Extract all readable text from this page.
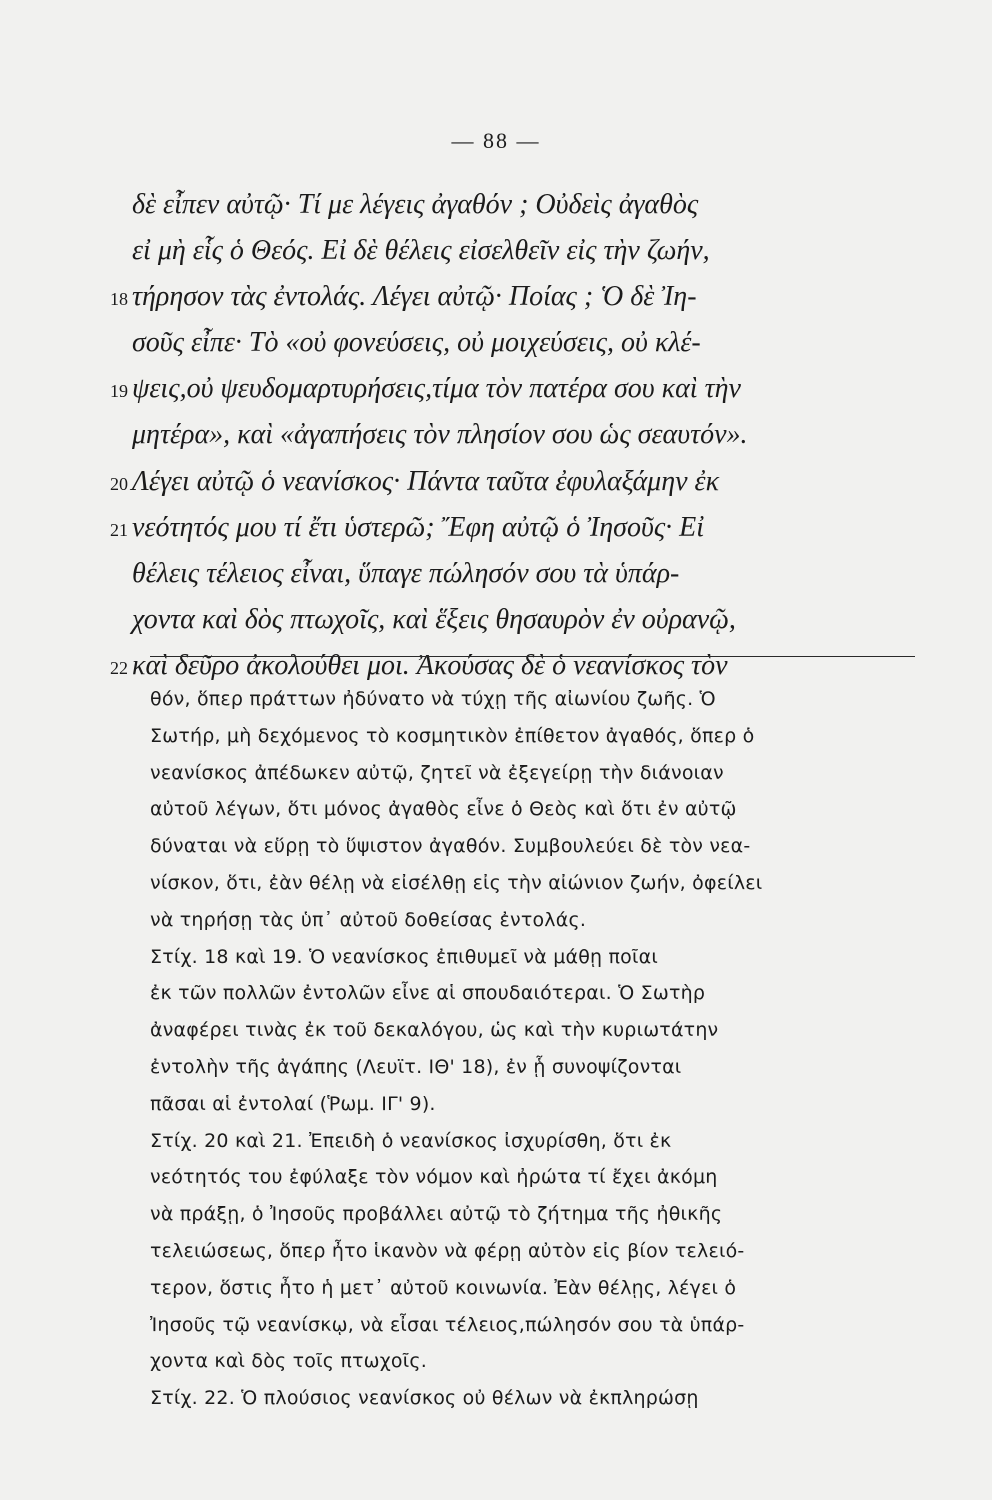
— 88 —
δὲ εἶπεν αὐτῷ· Τί με λέγεις ἀγαθόν ; Οὐδεὶς ἀγαθὸς
εἰ μὴ εἷς ὁ Θεός. Εἰ δὲ θέλεις εἰσελθεῖν εἰς τὴν ζωήν,
18 τήρησον τὰς ἐντολάς. Λέγει αὐτῷ· Ποίας ; Ὁ δὲ Ἰη-
σοῦς εἶπε· Τὸ «οὐ φονεύσεις, οὐ μοιχεύσεις, οὐ κλέ-
19 ψεις,οὐ ψευδομαρτυρήσεις,τίμα τὸν πατέρα σου καὶ τὴν
μητέρα», καὶ «ἀγαπήσεις τὸν πλησίον σου ὡς σεαυτόν».
20 Λέγει αὐτῷ ὁ νεανίσκος· Πάντα ταῦτα ἐφυλαξάμην ἐκ
21 νεότητός μου τί ἔτι ὑστερῶ; Ἔφη αὐτῷ ὁ Ἰησοῦς· Εἰ
θέλεις τέλειος εἶναι, ὕπαγε πώλησόν σου τὰ ὑπάρ-
χοντα καὶ δὸς πτωχοῖς, καὶ ἕξεις θησαυρὸν ἐν οὐρανῷ,
22 καὶ δεῦρο ἀκολούθει μοι. Ἀκούσας δὲ ὁ νεανίσκος τὸν
θόν, ὅπερ πράττων ἠδύνατο νὰ τύχῃ τῆς αἰωνίου ζωῆς. Ὁ
Σωτήρ, μὴ δεχόμενος τὸ κοσμητικὸν ἐπίθετον ἀγαθός, ὅπερ ὁ
νεανίσκος ἀπέδωκεν αὐτῷ, ζητεῖ νὰ ἐξεγείρῃ τὴν διάνοιαν
αὐτοῦ λέγων, ὅτι μόνος ἀγαθὸς εἶνε ὁ Θεὸς καὶ ὅτι ἐν αὐτῷ
δύναται νὰ εὕρῃ τὸ ὕψιστον ἀγαθόν. Συμβουλεύει δὲ τὸν νεα-
νίσκον, ὅτι, ἐὰν θέλῃ νὰ εἰσέλθῃ εἰς τὴν αἰώνιον ζωήν, ὀφείλει
νὰ τηρήσῃ τὰς ὑπ᾽ αὐτοῦ δοθείσας ἐντολάς.
Στίχ. 18 καὶ 19. Ὁ νεανίσκος ἐπιθυμεῖ νὰ μάθῃ ποῖαι
ἐκ τῶν πολλῶν ἐντολῶν εἶνε αἱ σπουδαιότεραι. Ὁ Σωτὴρ
ἀναφέρει τινὰς ἐκ τοῦ δεκαλόγου, ὡς καὶ τὴν κυριωτάτην
ἐντολὴν τῆς ἀγάπης (Λευϊτ. ΙΘ' 18), ἐν ᾗ συνοψίζονται
πᾶσαι αἱ ἐντολαί (Ῥωμ. ΙΓ' 9).
Στίχ. 20 καὶ 21. Ἐπειδὴ ὁ νεανίσκος ἰσχυρίσθη, ὅτι ἐκ
νεότητός του ἐφύλαξε τὸν νόμον καὶ ἠρώτα τί ἔχει ἀκόμη
νὰ πράξῃ, ὁ Ἰησοῦς προβάλλει αὐτῷ τὸ ζήτημα τῆς ἠθικῆς
τελειώσεως, ὅπερ ἦτο ἱκανὸν νὰ φέρῃ αὐτὸν εἰς βίον τελειό-
τερον, ὅστις ἦτο ἡ μετ᾽ αὐτοῦ κοινωνία. Ἐὰν θέλῃς, λέγει ὁ
Ἰησοῦς τῷ νεανίσκῳ, νὰ εἶσαι τέλειος,πώλησόν σου τὰ ὑπάρ-
χοντα καὶ δὸς τοῖς πτωχοῖς.
Στίχ. 22. Ὁ πλούσιος νεανίσκος οὐ θέλων νὰ ἐκπληρώσῃ
